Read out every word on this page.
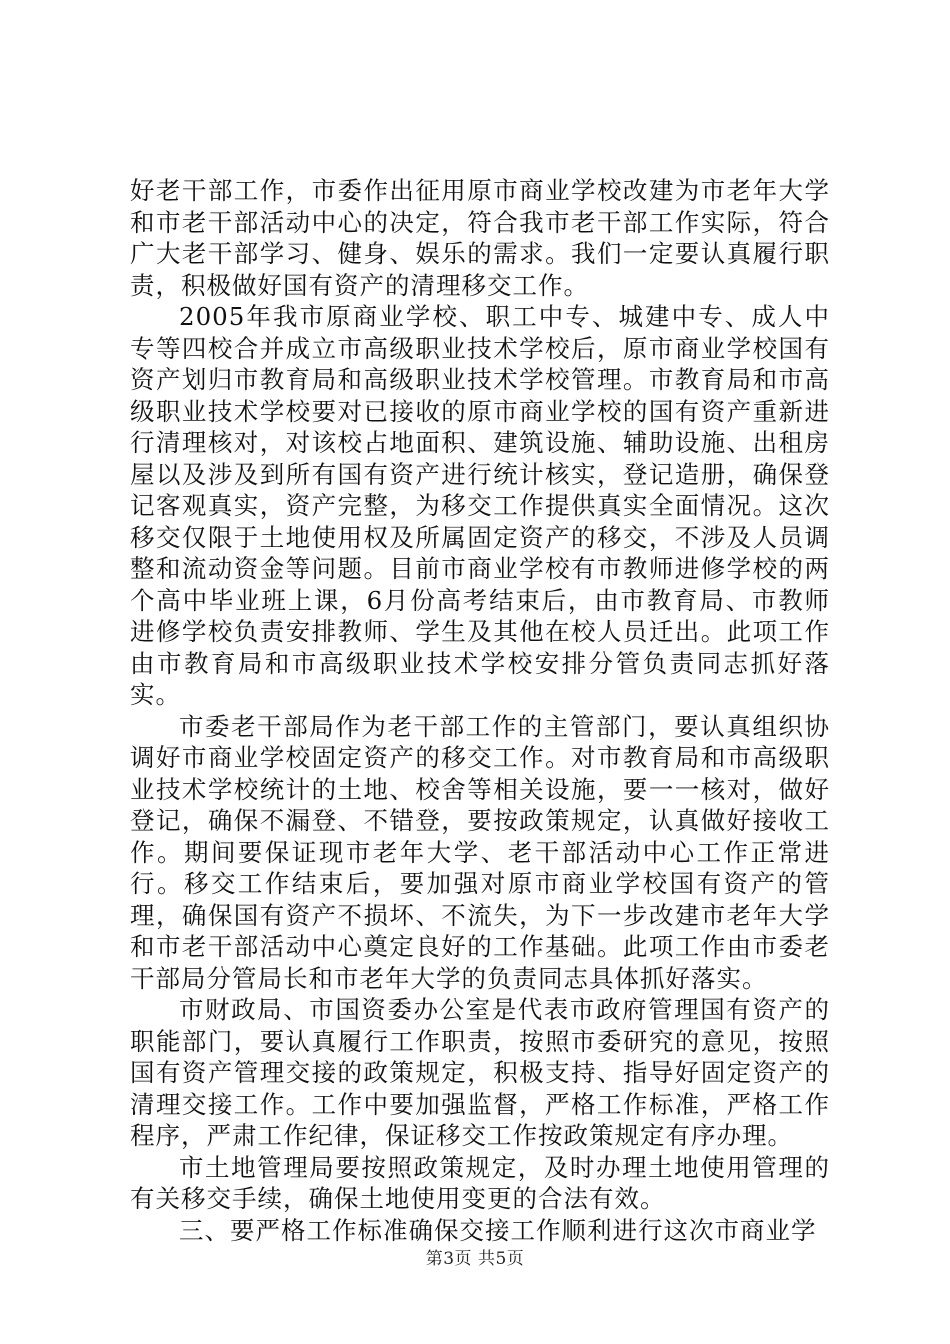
好老干部工作，市委作出征用原市商业学校改建为市老年大学和市老干部活动中心的决定，符合我市老干部工作实际，符合广大老干部学习、健身、娱乐的需求。我们一定要认真履行职责，积极做好国有资产的清理移交工作。

2005年我市原商业学校、职工中专、城建中专、成人中专等四校合并成立市高级职业技术学校后，原市商业学校国有资产划归市教育局和高级职业技术学校管理。市教育局和市高级职业技术学校要对已接收的原市商业学校的国有资产重新进行清理核对，对该校占地面积、建筑设施、辅助设施、出租房屋以及涉及到所有国有资产进行统计核实，登记造册，确保登记客观真实，资产完整，为移交工作提供真实全面情况。这次移交仅限于土地使用权及所属固定资产的移交，不涉及人员调整和流动资金等问题。目前市商业学校有市教师进修学校的两个高中毕业班上课，6月份高考结束后，由市教育局、市教师进修学校负责安排教师、学生及其他在校人员迁出。此项工作由市教育局和市高级职业技术学校安排分管负责同志抓好落实。

市委老干部局作为老干部工作的主管部门，要认真组织协调好市商业学校固定资产的移交工作。对市教育局和市高级职业技术学校统计的土地、校舍等相关设施，要一一核对，做好登记，确保不漏登、不错登，要按政策规定，认真做好接收工作。期间要保证现市老年大学、老干部活动中心工作正常进行。移交工作结束后，要加强对原市商业学校国有资产的管理，确保国有资产不损坏、不流失，为下一步改建市老年大学和市老干部活动中心奠定良好的工作基础。此项工作由市委老干部局分管局长和市老年大学的负责同志具体抓好落实。

市财政局、市国资委办公室是代表市政府管理国有资产的职能部门，要认真履行工作职责，按照市委研究的意见，按照国有资产管理交接的政策规定，积极支持、指导好固定资产的清理交接工作。工作中要加强监督，严格工作标准，严格工作程序，严肃工作纪律，保证移交工作按政策规定有序办理。

市土地管理局要按照政策规定，及时办理土地使用管理的有关移交手续，确保土地使用变更的合法有效。

三、要严格工作标准确保交接工作顺利进行这次市商业学

第3页 共5页
